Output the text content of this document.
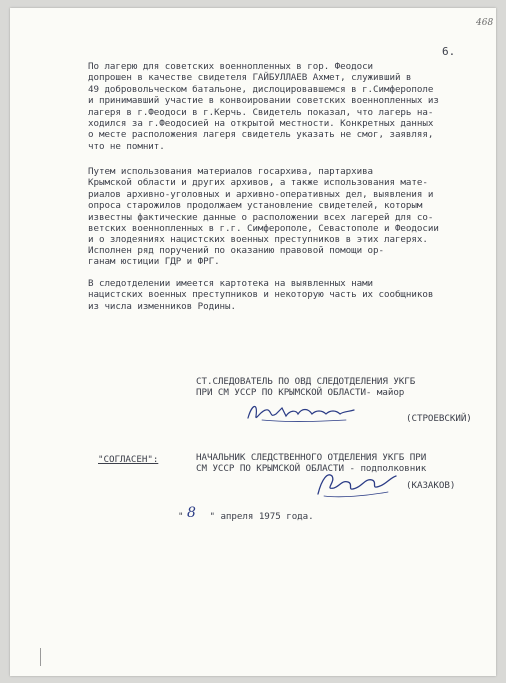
468
6.
По лагерю для советских военнопленных в гор. Феодоси
допрошен в качестве свидетеля ГАЙБУЛЛАЕВ Ахмет, служивший в
49 добровольческом батальоне, дислоцировавшемся в г.Симферополе
и принимавший участие в конвоировании советских военнопленных из
лагеря в г.Феодоси в г.Керчь. Свидетель показал, что лагерь на-
ходился за г.Феодосией на открытой местности. Конкретных данных
о месте расположения лагеря свидетель указать не смог, заявляя,
что не помнит.
Путем использования материалов госархива, партархива
Крымской области и других архивов, а также использования мате-
риалов архивно-уголовных и архивно-оперативных дел, выявления и
опроса старожилов продолжаем установление свидетелей, которым
известны фактические данные о расположении всех лагерей для со-
ветских военнопленных в г.г. Симферополе, Севастополе и Феодосии
и о злодеяниях нацистских военных преступников в этих лагерях.
Исполнен ряд поручений по оказанию правовой помощи ор-
ганам юстиции ГДР и ФРГ.
В следотделении имеется картотека на выявленных нами
нацистских военных преступников и некоторую часть их сообщников
из числа изменников Родины.
СТ.СЛЕДОВАТЕЛЬ ПО ОВД СЛЕДОТДЕЛЕНИЯ УКГБ
ПРИ СМ УССР ПО КРЫМСКОЙ ОБЛАСТИ- майор
(СТРОЕВСКИЙ)
"СОГЛАСЕН":	НАЧАЛЬНИК СЛЕДСТВЕННОГО ОТДЕЛЕНИЯ УКГБ ПРИ
СМ УССР ПО КРЫМСКОЙ ОБЛАСТИ - подполковник
(КАЗАКОВ)
" 8 " апреля 1975 года.
